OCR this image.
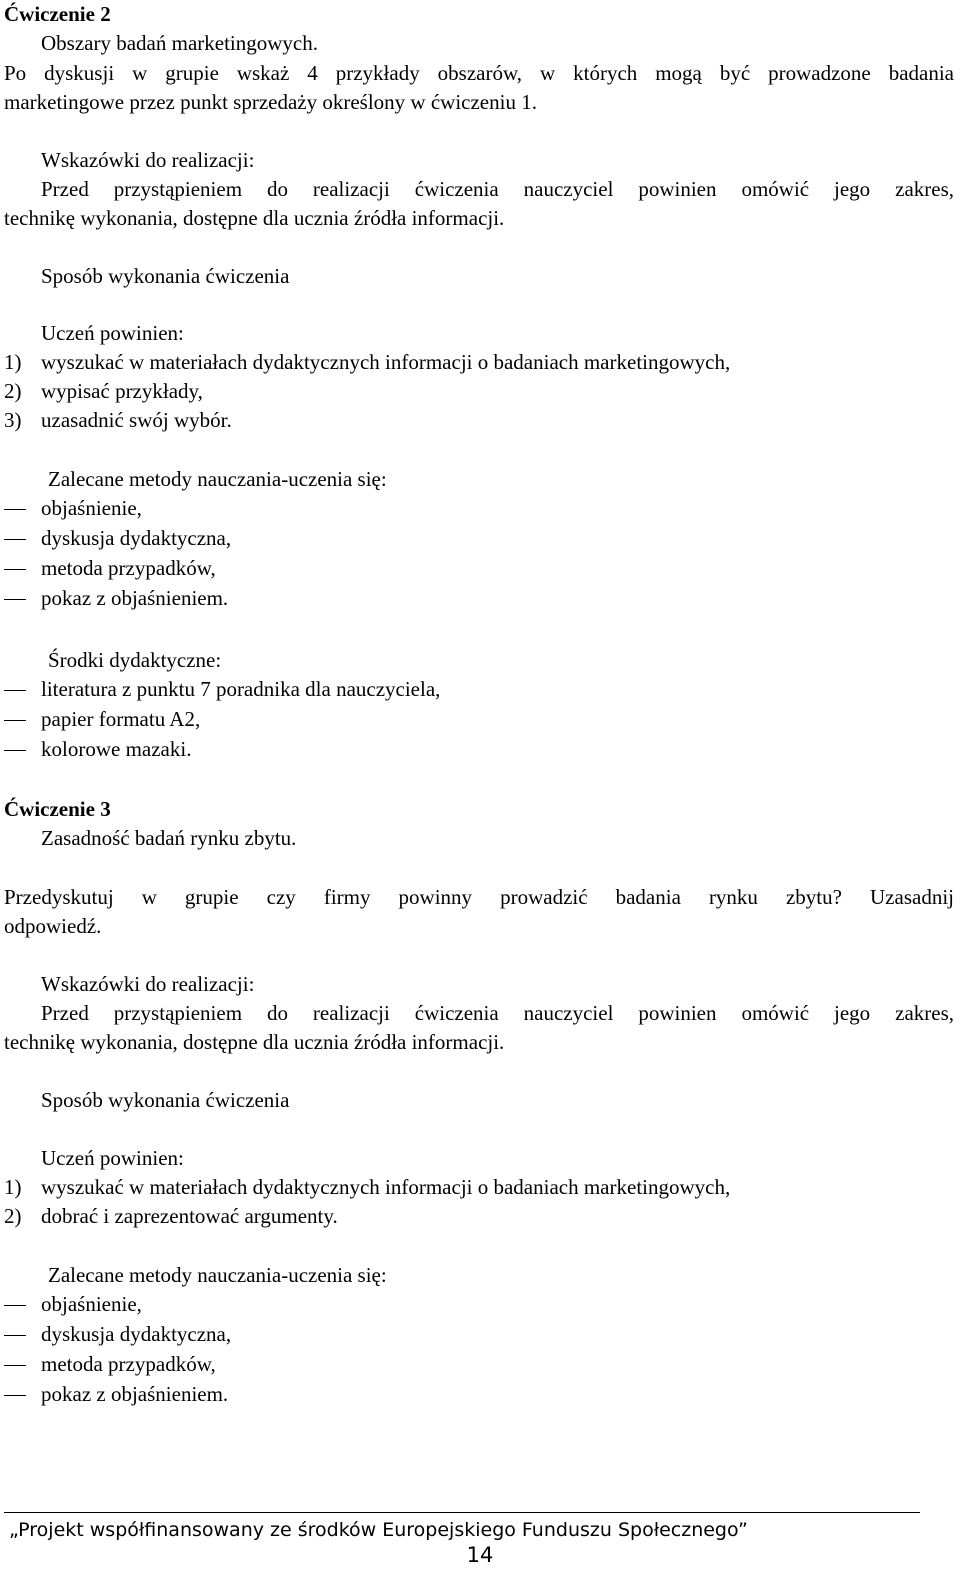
Ćwiczenie 2
Obszary badań marketingowych.
Po dyskusji w grupie wskaż 4 przykłady obszarów, w których mogą być prowadzone badania
marketingowe przez punkt sprzedaży określony w ćwiczeniu 1.
Wskazówki do realizacji:
Przed przystąpieniem do realizacji ćwiczenia nauczyciel powinien omówić jego zakres,
technikę wykonania, dostępne dla ucznia źródła informacji.
Sposób wykonania ćwiczenia
Uczeń powinien:
1) wyszukać w materiałach dydaktycznych informacji o badaniach marketingowych,
2) wypisać przykłady,
3) uzasadnić swój wybór.
Zalecane metody nauczania-uczenia się:
objaśnienie,
dyskusja dydaktyczna,
metoda przypadków,
pokaz z objaśnieniem.
Środki dydaktyczne:
literatura z punktu 7 poradnika dla nauczyciela,
papier formatu A2,
kolorowe mazaki.
Ćwiczenie 3
Zasadność badań rynku zbytu.
Przedyskutuj w grupie czy firmy powinny prowadzić badania rynku zbytu? Uzasadnij
odpowiedź.
Wskazówki do realizacji:
Przed przystąpieniem do realizacji ćwiczenia nauczyciel powinien omówić jego zakres,
technikę wykonania, dostępne dla ucznia źródła informacji.
Sposób wykonania ćwiczenia
Uczeń powinien:
1) wyszukać w materiałach dydaktycznych informacji o badaniach marketingowych,
2) dobrać i zaprezentować argumenty.
Zalecane metody nauczania-uczenia się:
objaśnienie,
dyskusja dydaktyczna,
metoda przypadków,
pokaz z objaśnieniem.
„Projekt współfinansowany ze środków Europejskiego Funduszu Społecznego”
14
